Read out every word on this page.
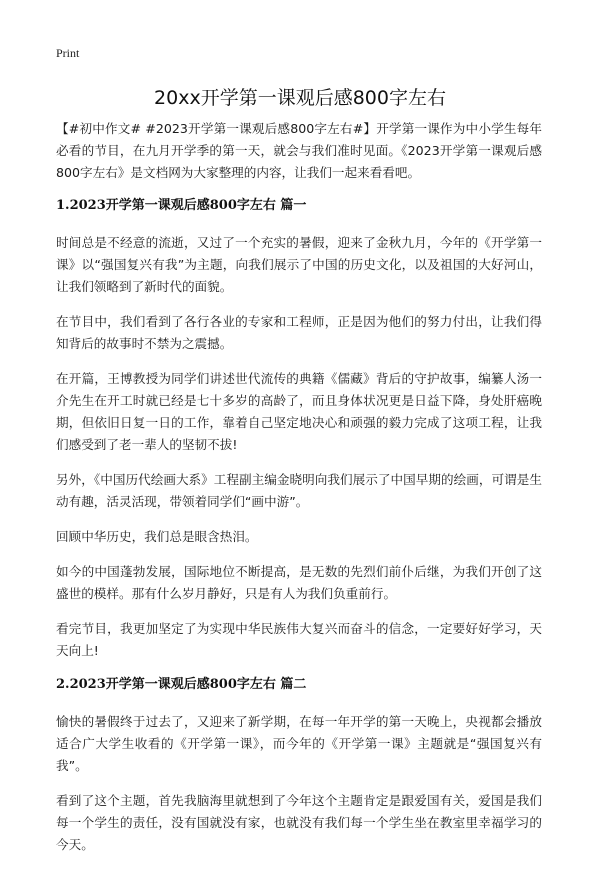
Print
20xx开学第一课观后感800字左右

【#初中作文# #2023开学第一课观后感800字左右#】开学第一课作为中小学生每年必看的节目，在九月开学季的第一天，就会与我们准时见面。《2023开学第一课观后感800字左右》是文档网为大家整理的内容，让我们一起来看看吧。

1.2023开学第一课观后感800字左右 篇一

时间总是不经意的流逝，又过了一个充实的暑假，迎来了金秋九月，今年的《开学第一课》以“强国复兴有我”为主题，向我们展示了中国的历史文化，以及祖国的大好河山，让我们领略到了新时代的面貌。

在节目中，我们看到了各行各业的专家和工程师，正是因为他们的努力付出，让我们得知背后的故事时不禁为之震撼。

在开篇，王博教授为同学们讲述世代流传的典籍《儒藏》背后的守护故事，编纂人汤一介先生在开工时就已经是七十多岁的高龄了，而且身体状况更是日益下降，身处肝癌晚期，但依旧日复一日的工作，靠着自己坚定地决心和顽强的毅力完成了这项工程，让我们感受到了老一辈人的坚韧不拔!

另外，《中国历代绘画大系》工程副主编金晓明向我们展示了中国早期的绘画，可谓是生动有趣，活灵活现，带领着同学们“画中游”。

回顾中华历史，我们总是眼含热泪。

如今的中国蓬勃发展，国际地位不断提高，是无数的先烈们前仆后继，为我们开创了这盛世的模样。那有什么岁月静好，只是有人为我们负重前行。

看完节目，我更加坚定了为实现中华民族伟大复兴而奋斗的信念，一定要好好学习，天天向上!

2.2023开学第一课观后感800字左右 篇二

愉快的暑假终于过去了，又迎来了新学期，在每一年开学的第一天晚上，央视都会播放适合广大学生收看的《开学第一课》，而今年的《开学第一课》主题就是“强国复兴有我”。

看到了这个主题，首先我脑海里就想到了今年这个主题肯定是跟爱国有关，爱国是我们每一个学生的责任，没有国就没有家，也就没有我们每一个学生坐在教室里幸福学习的今天。
